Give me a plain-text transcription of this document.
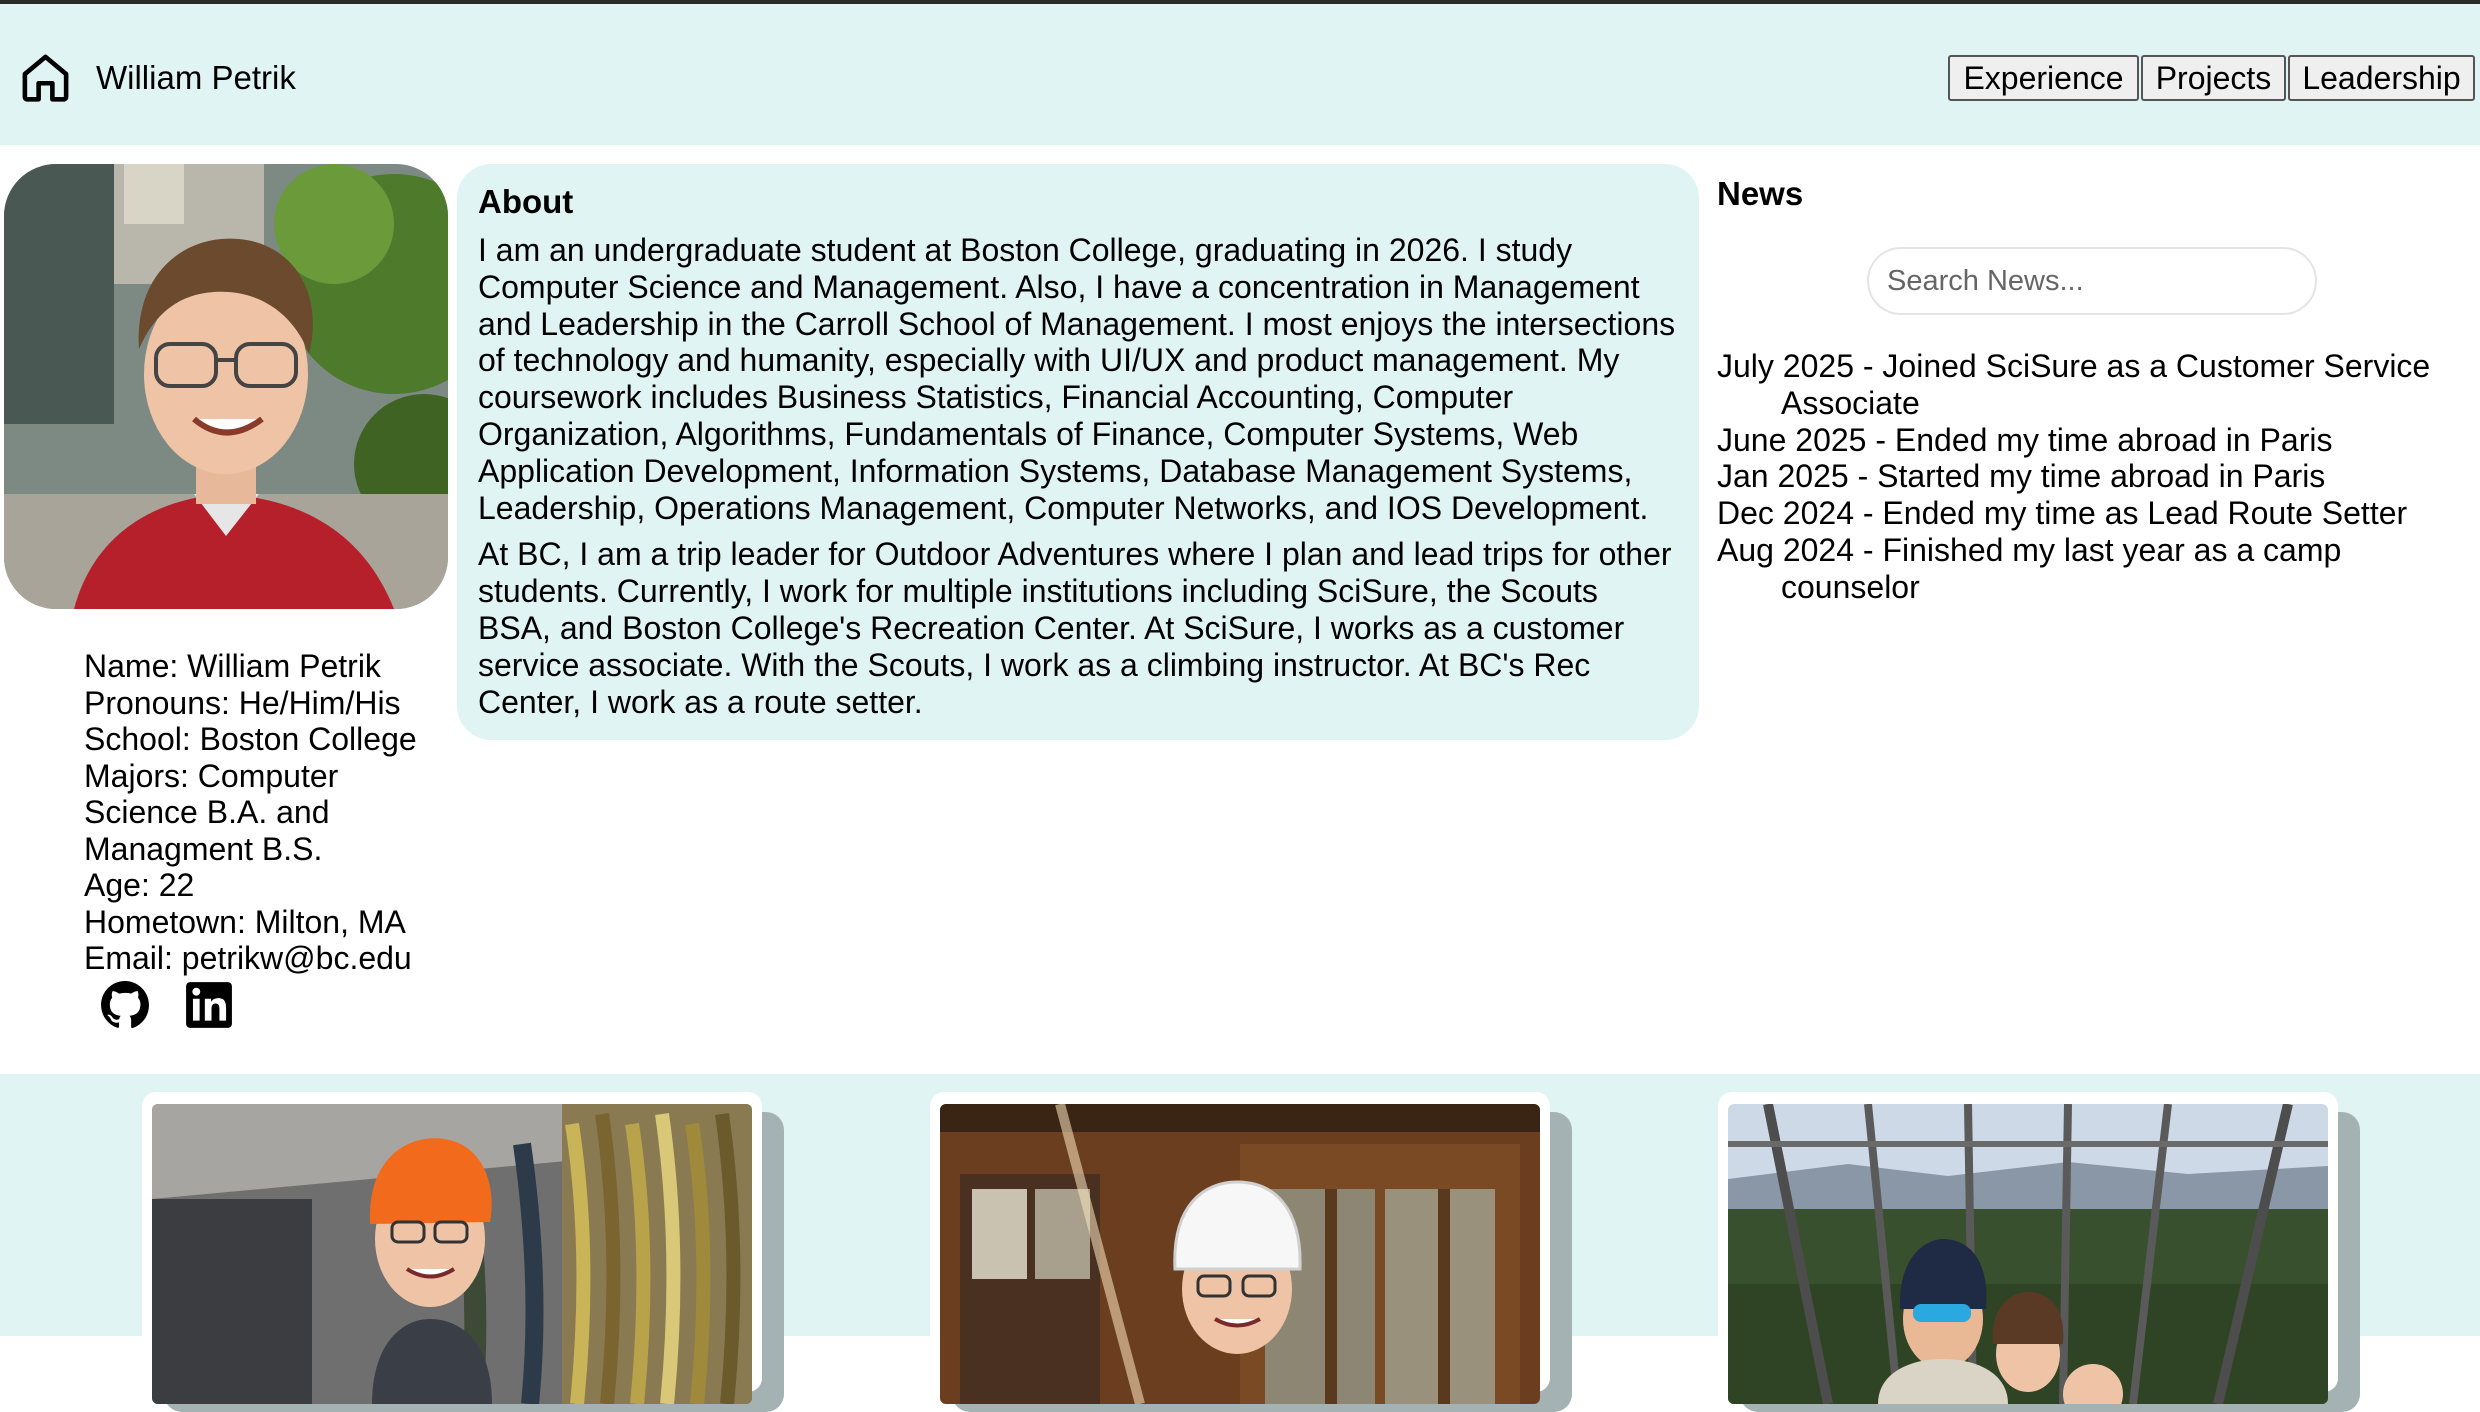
William Petrik	Experience	Projects Leadership
Name: William Petrik
Pronouns: He/Him/His
School: Boston College
Majors: Computer Science B.A. and Managment B.S.
Age: 22
Hometown: Milton, MA
Email: petrikw@bc.edu
About

I am an undergraduate student at Boston College, graduating in 2026. I study Computer Science and Management. Also, I have a concentration in Management and Leadership in the Carroll School of Management. I most enjoys the intersections of technology and humanity, especially with UI/UX and product management. My coursework includes Business Statistics, Financial Accounting, Computer Organization, Algorithms, Fundamentals of Finance, Computer Systems, Web Application Development, Information Systems, Database Management Systems, Leadership, Operations Management, Computer Networks, and IOS Development.

At BC, I am a trip leader for Outdoor Adventures where I plan and lead trips for other students. Currently, I work for multiple institutions including SciSure, the Scouts BSA, and Boston College's Recreation Center. At SciSure, I works as a customer service associate. With the Scouts, I work as a climbing instructor. At BC's Rec Center, I work as a route setter.

News
Search News...
July 2025 - Joined SciSure as a Customer Service Associate
June 2025 - Ended my time abroad in Paris
Jan 2025 - Started my time abroad in Paris
Dec 2024 - Ended my time as Lead Route Setter
Aug 2024 - Finished my last year as a camp counselor
